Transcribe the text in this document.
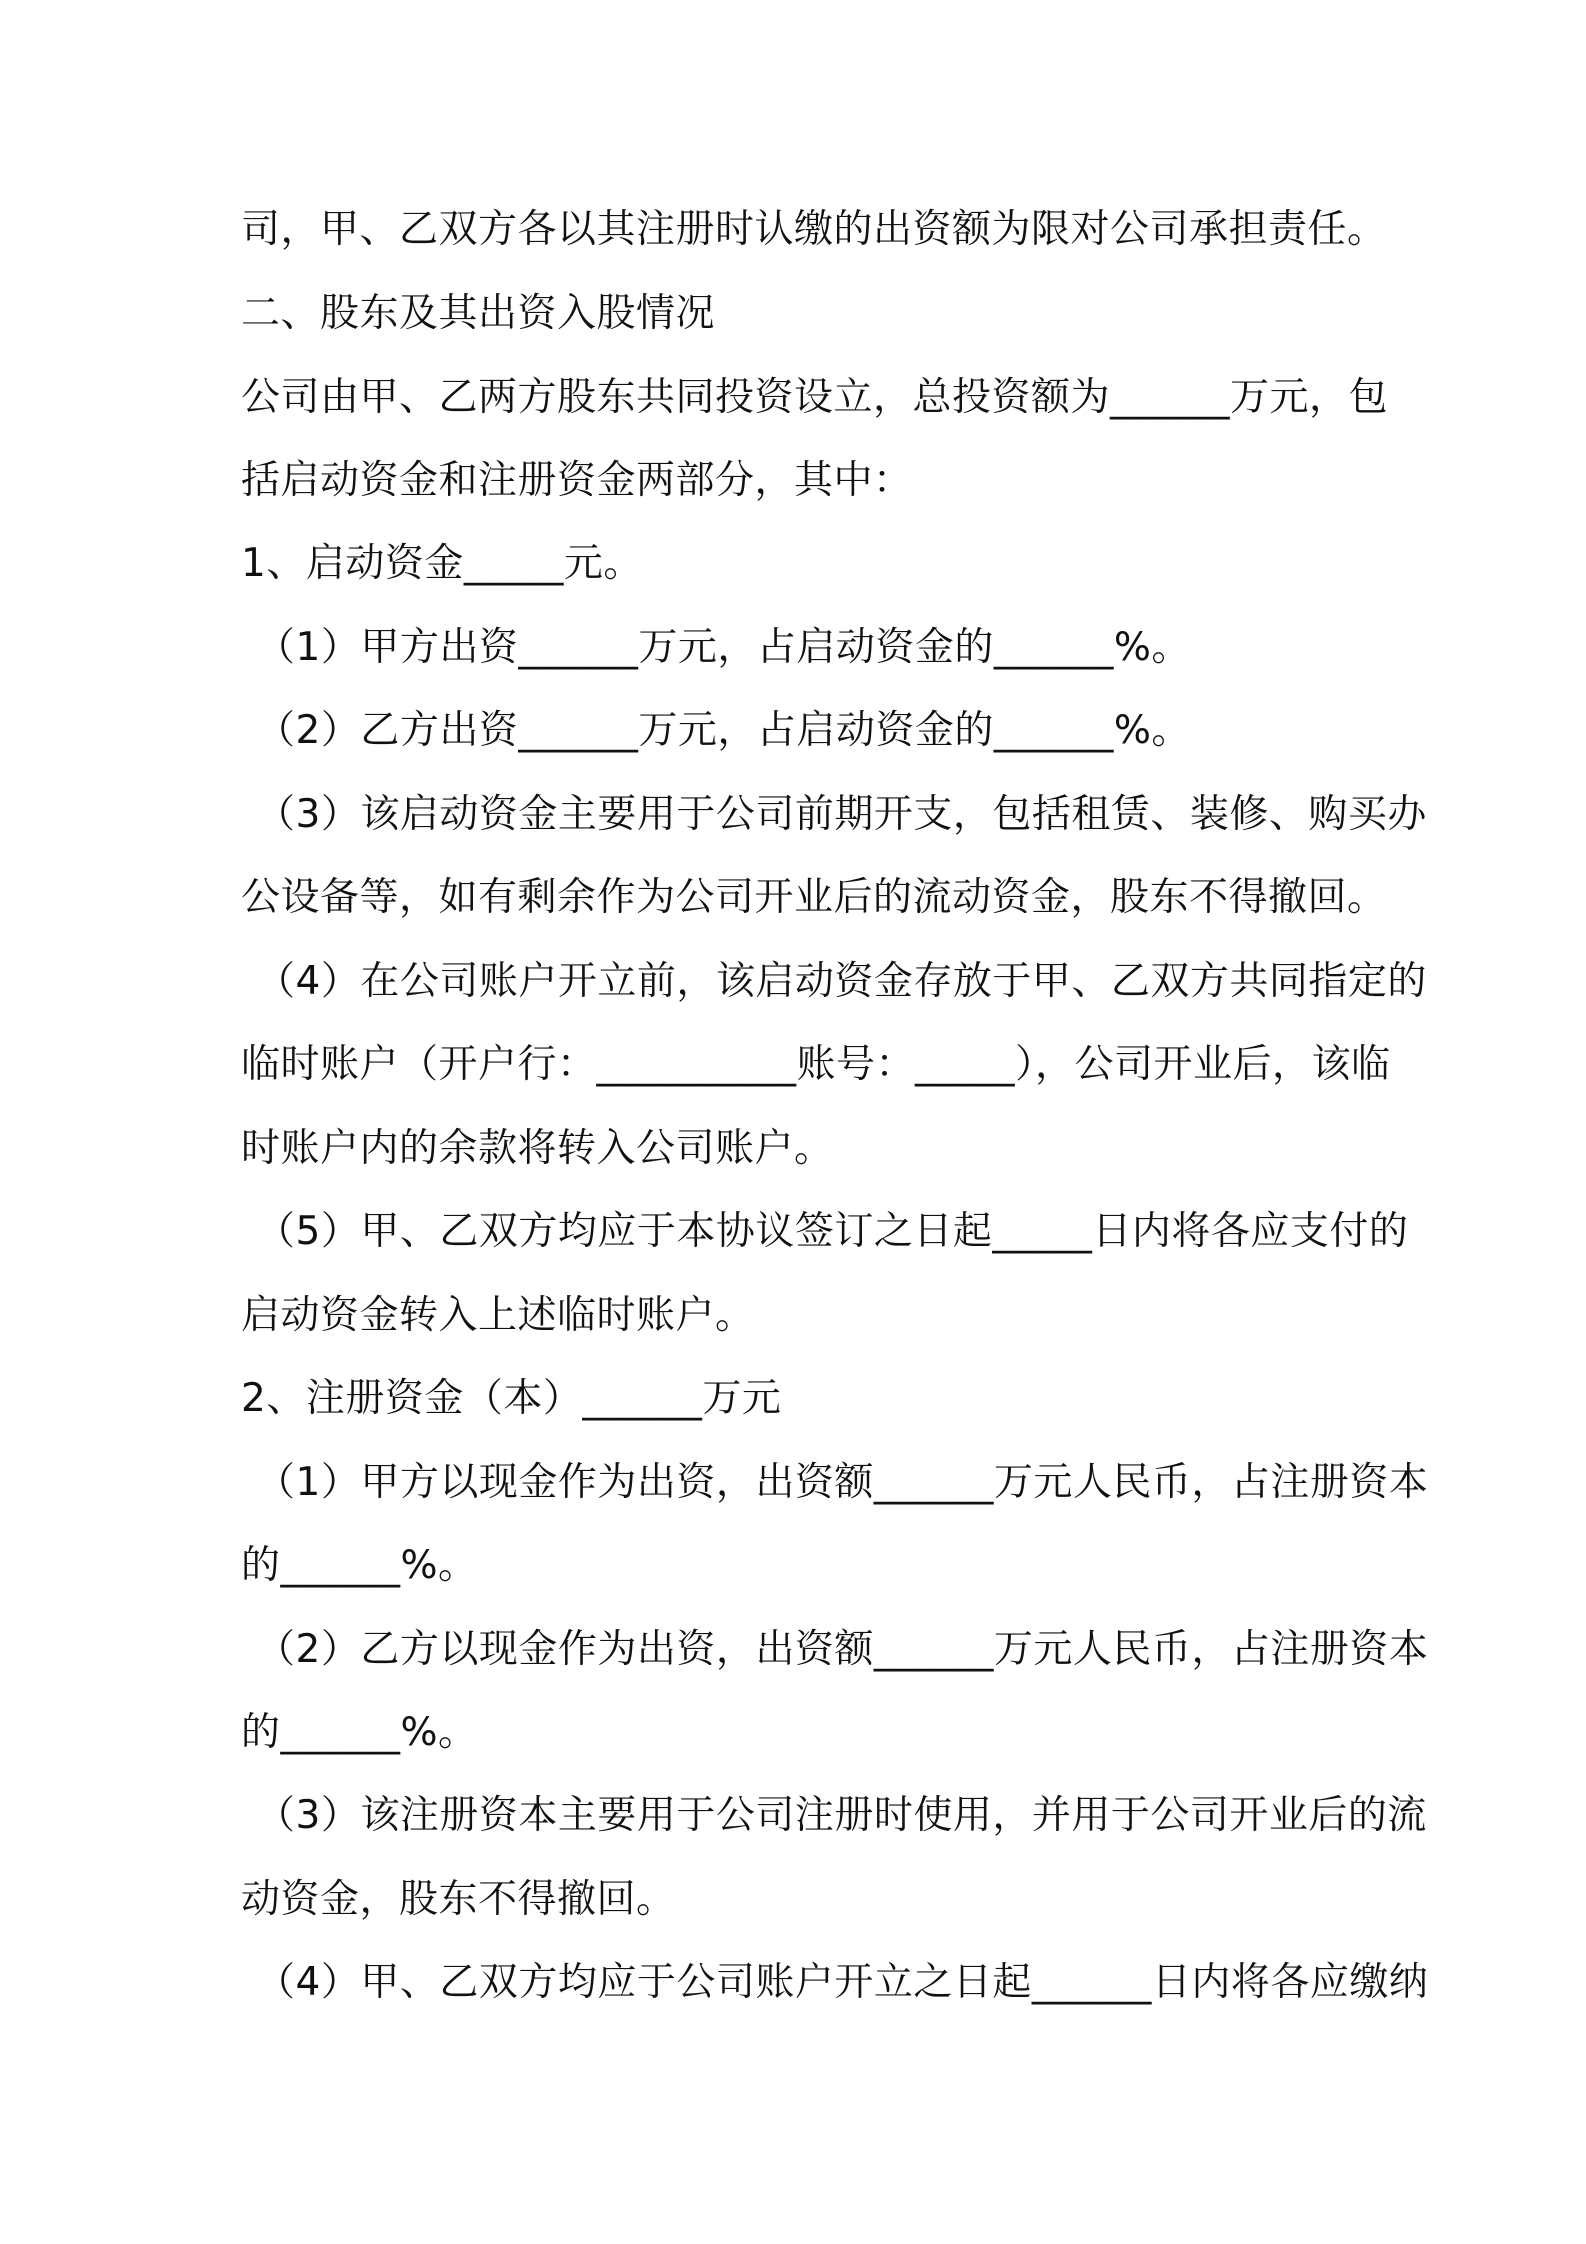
司，甲、乙双方各以其注册时认缴的出资额为限对公司承担责任。
二、股东及其出资入股情况
公司由甲、乙两方股东共同投资设立，总投资额为______万元，包
括启动资金和注册资金两部分，其中：
1、启动资金_____元。
（1）甲方出资______万元，占启动资金的______%。
（2）乙方出资______万元，占启动资金的______%。
（3）该启动资金主要用于公司前期开支，包括租赁、装修、购买办
公设备等，如有剩余作为公司开业后的流动资金，股东不得撤回。
（4）在公司账户开立前，该启动资金存放于甲、乙双方共同指定的
临时账户（开户行：__________账号：_____），公司开业后，该临
时账户内的余款将转入公司账户。
（5）甲、乙双方均应于本协议签订之日起_____日内将各应支付的
启动资金转入上述临时账户。
2、注册资金（本）______万元
（1）甲方以现金作为出资，出资额______万元人民币，占注册资本
的______%。
（2）乙方以现金作为出资，出资额______万元人民币，占注册资本
的______%。
（3）该注册资本主要用于公司注册时使用，并用于公司开业后的流
动资金，股东不得撤回。
（4）甲、乙双方均应于公司账户开立之日起______日内将各应缴纳
